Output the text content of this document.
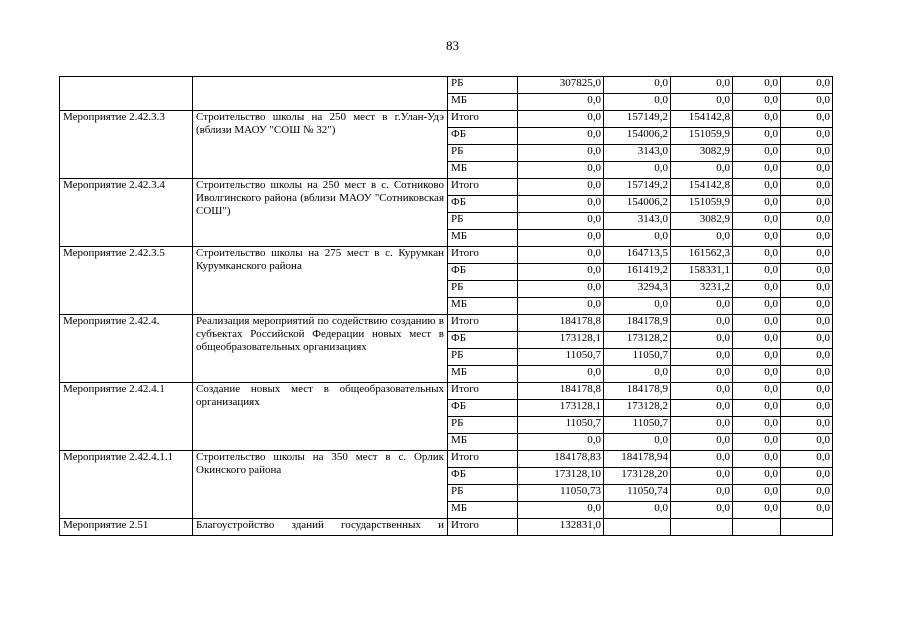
83
		РБ	307825,0	0,0	0,0	0,0	0,0
		МБ	0,0	0,0	0,0	0,0	0,0
Мероприятие 2.42.3.3	Строительство школы на 250 мест в г.Улан-Удэ (вблизи МАОУ "СОШ № 32")	Итого	0,0	157149,2	154142,8	0,0	0,0
		ФБ	0,0	154006,2	151059,9	0,0	0,0
		РБ	0,0	3143,0	3082,9	0,0	0,0
		МБ	0,0	0,0	0,0	0,0	0,0
Мероприятие 2.42.3.4	Строительство школы на 250 мест в с. Сотниково Иволгинского района (вблизи МАОУ "Сотниковская СОШ")	Итого	0,0	157149,2	154142,8	0,0	0,0
		ФБ	0,0	154006,2	151059,9	0,0	0,0
		РБ	0,0	3143,0	3082,9	0,0	0,0
		МБ	0,0	0,0	0,0	0,0	0,0
Мероприятие 2.42.3.5	Строительство школы на 275 мест в с. Курумкан Курумканского района	Итого	0,0	164713,5	161562,3	0,0	0,0
		ФБ	0,0	161419,2	158331,1	0,0	0,0
		РБ	0,0	3294,3	3231,2	0,0	0,0
		МБ	0,0	0,0	0,0	0,0	0,0
Мероприятие 2.42.4.	Реализация мероприятий по содействию созданию в субъектах Российской Федерации новых мест в общеобразовательных организациях	Итого	184178,8	184178,9	0,0	0,0	0,0
		ФБ	173128,1	173128,2	0,0	0,0	0,0
		РБ	11050,7	11050,7	0,0	0,0	0,0
		МБ	0,0	0,0	0,0	0,0	0,0
Мероприятие 2.42.4.1	Создание новых мест в общеобразовательных организациях	Итого	184178,8	184178,9	0,0	0,0	0,0
		ФБ	173128,1	173128,2	0,0	0,0	0,0
		РБ	11050,7	11050,7	0,0	0,0	0,0
		МБ	0,0	0,0	0,0	0,0	0,0
Мероприятие 2.42.4.1.1	Строительство школы на 350 мест в с. Орлик Окинского района	Итого	184178,83	184178,94	0,0	0,0	0,0
		ФБ	173128,10	173128,20	0,0	0,0	0,0
		РБ	11050,73	11050,74	0,0	0,0	0,0
		МБ	0,0	0,0	0,0	0,0	0,0
Мероприятие 2.51	Благоустройство зданий государственных и	Итого	132831,0				
